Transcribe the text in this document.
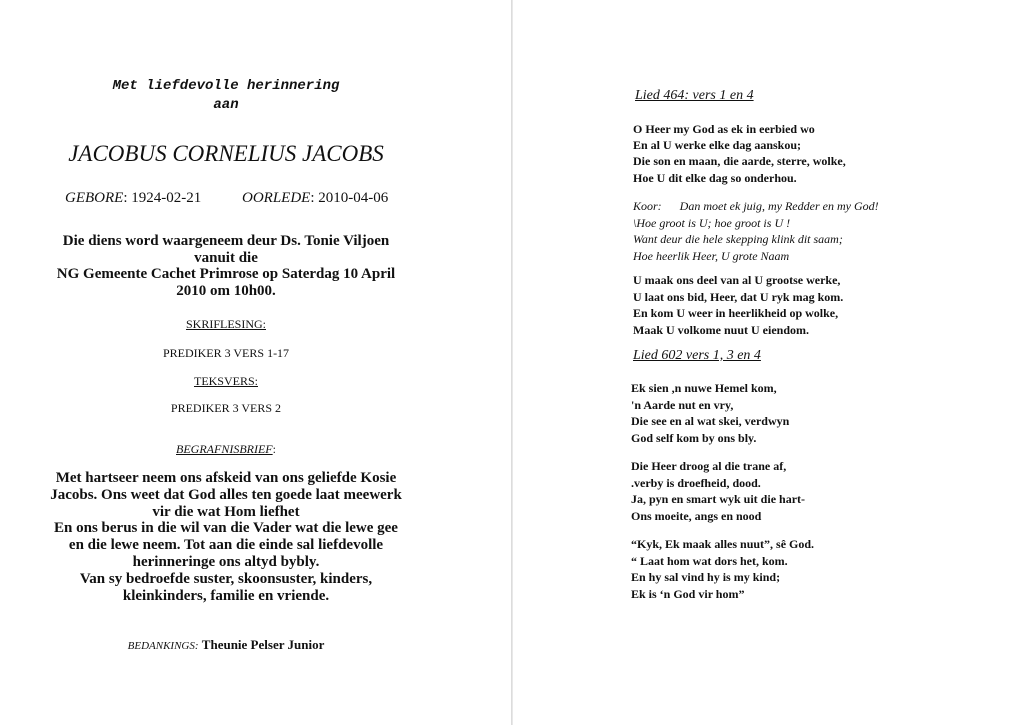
Met liefdevolle herinnering
aan
JACOBUS CORNELIUS JACOBS
GEBORE: 1924-02-21	OORLEDE: 2010-04-06
Die diens word waargeneem deur Ds. Tonie Viljoen
vanuit die
NG Gemeente Cachet Primrose op Saterdag 10 April
2010 om 10h00.
SKRIFLESING:
PREDIKER 3 VERS 1-17
TEKSVERS:
PREDIKER 3 VERS 2
BEGRAFNISBRIEF:
Met hartseer neem ons afskeid van ons geliefde Kosie
Jacobs. Ons weet dat God alles ten goede laat meewerk
vir die wat Hom liefhet
En ons berus in die wil van die Vader wat die lewe gee
en die lewe neem. Tot aan die einde sal liefdevolle
herinneringe ons altyd bybly.
Van sy bedroefde suster, skoonsuster, kinders,
kleinkinders, familie en vriende.
BEDANKINGS: Theunie Pelser Junior
Lied 464: vers 1 en 4
O Heer my God as ek in eerbied wo
En al U werke elke dag aanskou;
Die son en maan, die aarde, sterre, wolke,
Hoe U dit elke dag so onderhou.
Koor: Dan moet ek juig, my Redder en my God!
\Hoe groot is U; hoe groot is U !
Want deur die hele skepping klink dit saam;
Hoe heerlik Heer, U grote Naam
U maak ons deel van al U grootse werke,
U laat ons bid, Heer, dat U ryk mag kom.
En kom U weer in heerlikheid op wolke,
Maak U volkome nuut U eiendom.
Lied 602 vers 1, 3 en 4
Ek sien ,n nuwe Hemel kom,
'n Aarde nut en vry,
Die see en al wat skei, verdwyn
God self kom by ons bly.
Die Heer droog al die trane af,
.verby is droefheid, dood.
Ja, pyn en smart wyk uit die hart-
Ons moeite, angs en nood
“Kyk, Ek maak alles nuut”, sê God.
“ Laat hom wat dors het, kom.
En hy sal vind hy is my kind;
Ek is ‘n God vir hom”
